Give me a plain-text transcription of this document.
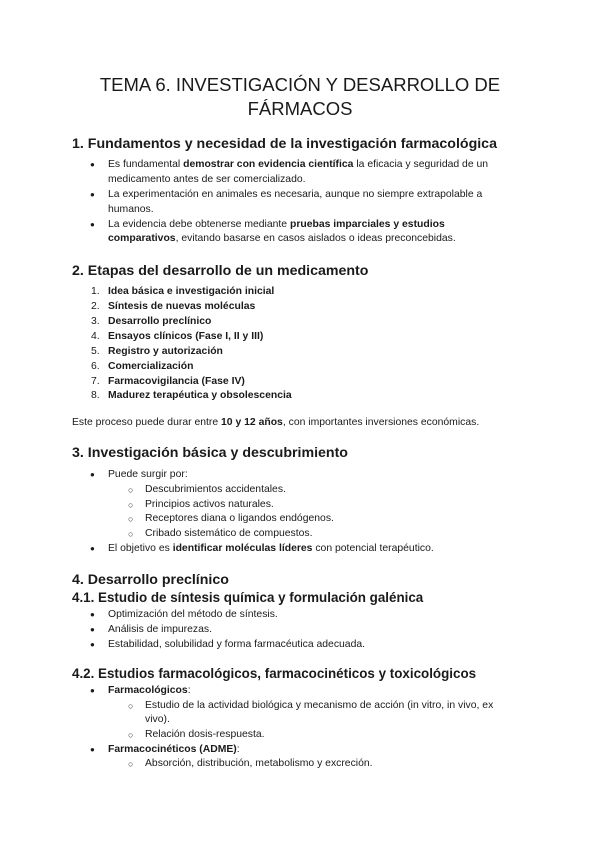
TEMA 6. INVESTIGACIÓN Y DESARROLLO DE
FÁRMACOS
1. Fundamentos y necesidad de la investigación farmacológica
● Es fundamental demostrar con evidencia científica la eficacia y seguridad de un
medicamento antes de ser comercializado.
● La experimentación en animales es necesaria, aunque no siempre extrapolable a
humanos.
● La evidencia debe obtenerse mediante pruebas imparciales y estudios
comparativos, evitando basarse en casos aislados o ideas preconcebidas.
2. Etapas del desarrollo de un medicamento
1. Idea básica e investigación inicial
2. Síntesis de nuevas moléculas
3. Desarrollo preclínico
4. Ensayos clínicos (Fase I, II y III)
5. Registro y autorización
6. Comercialización
7. Farmacovigilancia (Fase IV)
8. Madurez terapéutica y obsolescencia
Este proceso puede durar entre 10 y 12 años, con importantes inversiones económicas.
3. Investigación básica y descubrimiento
● Puede surgir por:
○ Descubrimientos accidentales.
○ Principios activos naturales.
○ Receptores diana o ligandos endógenos.
○ Cribado sistemático de compuestos.
● El objetivo es identificar moléculas líderes con potencial terapéutico.
4. Desarrollo preclínico
4.1. Estudio de síntesis química y formulación galénica
● Optimización del método de síntesis.
● Análisis de impurezas.
● Estabilidad, solubilidad y forma farmacéutica adecuada.
4.2. Estudios farmacológicos, farmacocinéticos y toxicológicos
● Farmacológicos:
○ Estudio de la actividad biológica y mecanismo de acción (in vitro, in vivo, ex
vivo).
○ Relación dosis-respuesta.
● Farmacocinéticos (ADME):
○ Absorción, distribución, metabolismo y excreción.
